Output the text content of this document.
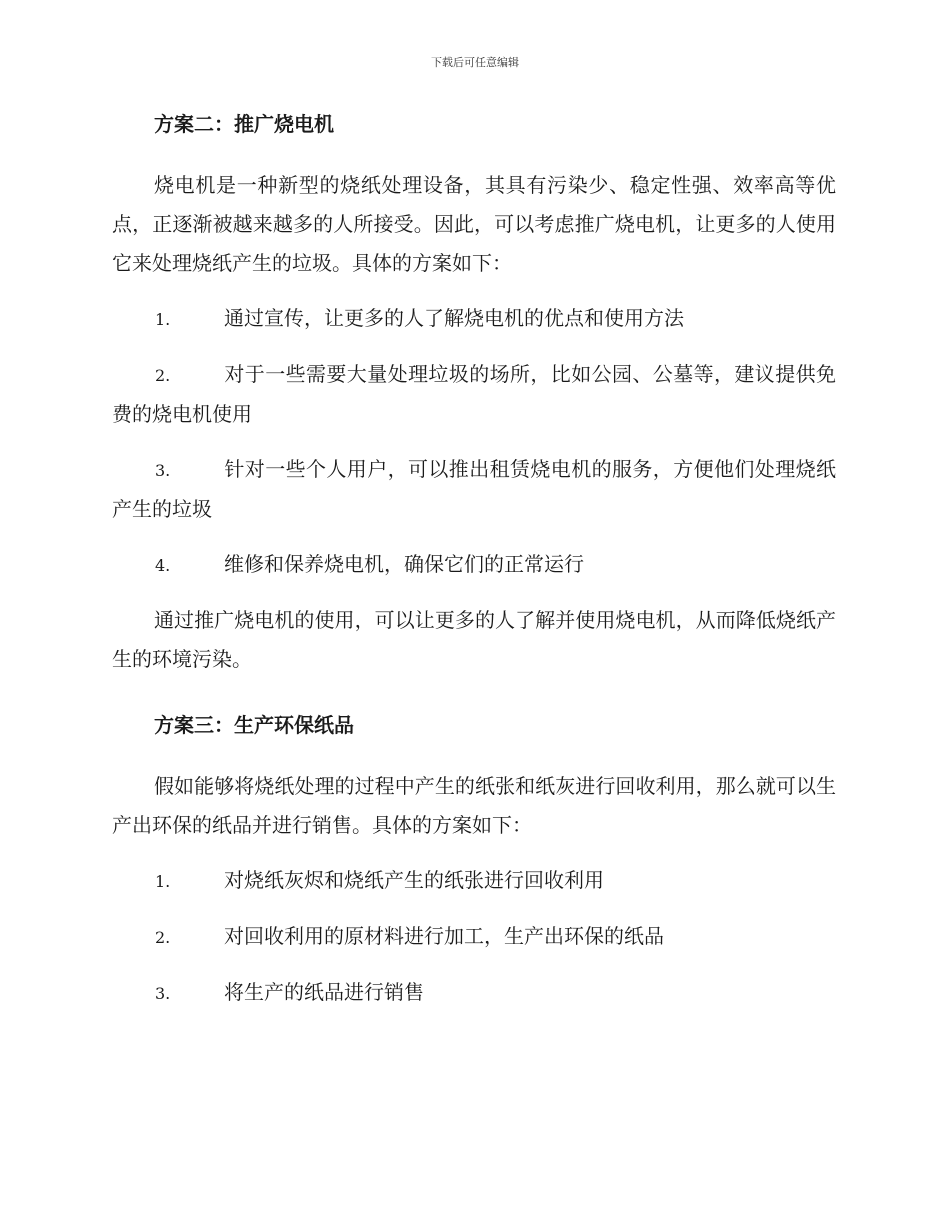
下载后可任意编辑
方案二：推广烧电机

烧电机是一种新型的烧纸处理设备，其具有污染少、稳定性强、效率高等优点，正逐渐被越来越多的人所接受。因此，可以考虑推广烧电机，让更多的人使用它来处理烧纸产生的垃圾。具体的方案如下：

1.	通过宣传，让更多的人了解烧电机的优点和使用方法
2.	对于一些需要大量处理垃圾的场所，比如公园、公墓等，建议提供免费的烧电机使用
3.	针对一些个人用户，可以推出租赁烧电机的服务，方便他们处理烧纸产生的垃圾
4.	维修和保养烧电机，确保它们的正常运行

通过推广烧电机的使用，可以让更多的人了解并使用烧电机，从而降低烧纸产生的环境污染。

方案三：生产环保纸品

假如能够将烧纸处理的过程中产生的纸张和纸灰进行回收利用，那么就可以生产出环保的纸品并进行销售。具体的方案如下：

1.	对烧纸灰烬和烧纸产生的纸张进行回收利用
2.	对回收利用的原材料进行加工，生产出环保的纸品
3.	将生产的纸品进行销售
